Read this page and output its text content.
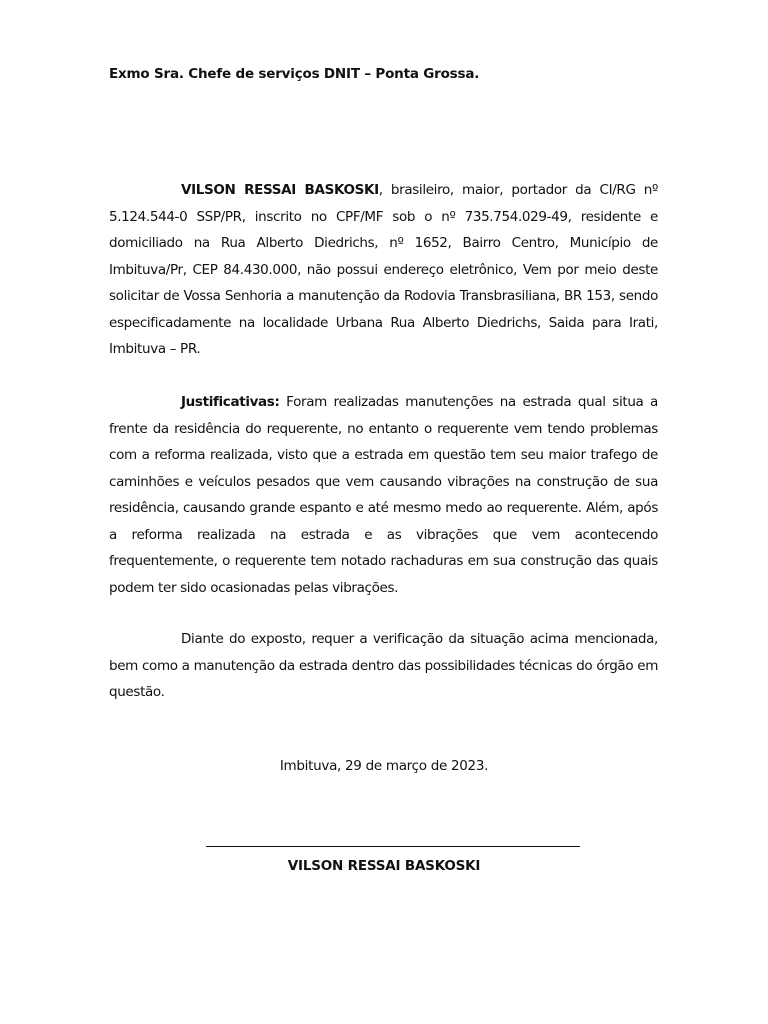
Exmo Sra. Chefe de serviços DNIT – Ponta Grossa.

VILSON RESSAI BASKOSKI, brasileiro, maior, portador da CI/RG nº 5.124.544-0 SSP/PR, inscrito no CPF/MF sob o nº 735.754.029-49, residente e domiciliado na Rua Alberto Diedrichs, nº 1652, Bairro Centro, Município de Imbituva/Pr, CEP 84.430.000, não possui endereço eletrônico, Vem por meio deste solicitar de Vossa Senhoria a manutenção da Rodovia Transbrasiliana, BR 153, sendo especificadamente na localidade Urbana Rua Alberto Diedrichs, Saida para Irati, Imbituva – PR.

Justificativas: Foram realizadas manutenções na estrada qual situa a frente da residência do requerente, no entanto o requerente vem tendo problemas com a reforma realizada, visto que a estrada em questão tem seu maior trafego de caminhões e veículos pesados que vem causando vibrações na construção de sua residência, causando grande espanto e até mesmo medo ao requerente. Além, após a reforma realizada na estrada e as vibrações que vem acontecendo frequentemente, o requerente tem notado rachaduras em sua construção das quais podem ter sido ocasionadas pelas vibrações.

Diante do exposto, requer a verificação da situação acima mencionada, bem como a manutenção da estrada dentro das possibilidades técnicas do órgão em questão.

Imbituva, 29 de março de 2023.

VILSON RESSAI BASKOSKI
